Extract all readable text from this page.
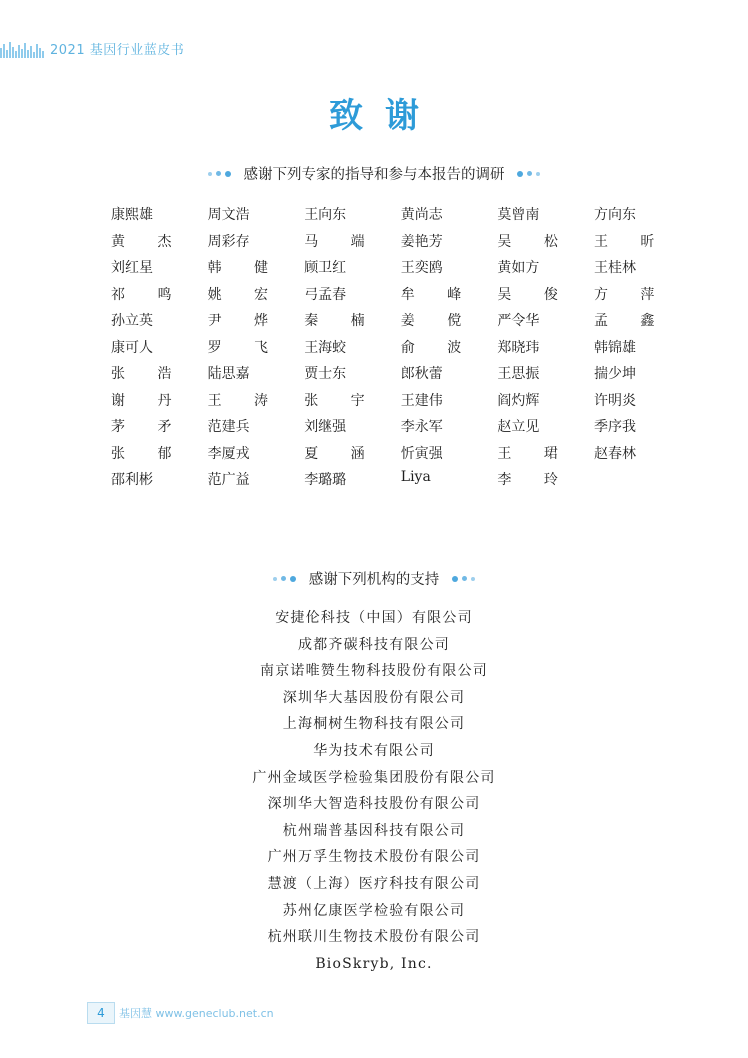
2021 基因行业蓝皮书
致谢
感谢下列专家的指导和参与本报告的调研
康熙雄	周文浩	王向东	黄尚志	莫曾南	方向东
黄 杰	周彩存	马 端	姜艳芳	吴 松	王 昕
刘红星	韩 健	顾卫红	王奕鸥	黄如方	王桂林
祁 鸣	姚 宏	弓孟春	牟 峰	吴 俊	方 萍
孙立英	尹 烨	秦 楠	姜 傥	严令华	孟 鑫
康可人	罗 飞	王海蛟	俞 波	郑晓玮	韩锦雄
张 浩	陆思嘉	贾士东	郎秋蕾	王思振	揣少坤
谢 丹	王 涛	张 宇	王建伟	阎灼辉	许明炎
茅 矛	范建兵	刘继强	李永军	赵立见	季序我
张 郁	李厦戎	夏 涵	忻寅强	王 珺	赵春林
邵利彬	范广益	李璐璐	Liya	李 玲
感谢下列机构的支持
安捷伦科技（中国）有限公司
成都齐碳科技有限公司
南京诺唯赞生物科技股份有限公司
深圳华大基因股份有限公司
上海桐树生物科技有限公司
华为技术有限公司
广州金域医学检验集团股份有限公司
深圳华大智造科技股份有限公司
杭州瑞普基因科技有限公司
广州万孚生物技术股份有限公司
慧渡（上海）医疗科技有限公司
苏州亿康医学检验有限公司
杭州联川生物技术股份有限公司
BioSkryb, Inc.
4	基因慧 www.geneclub.net.cn
